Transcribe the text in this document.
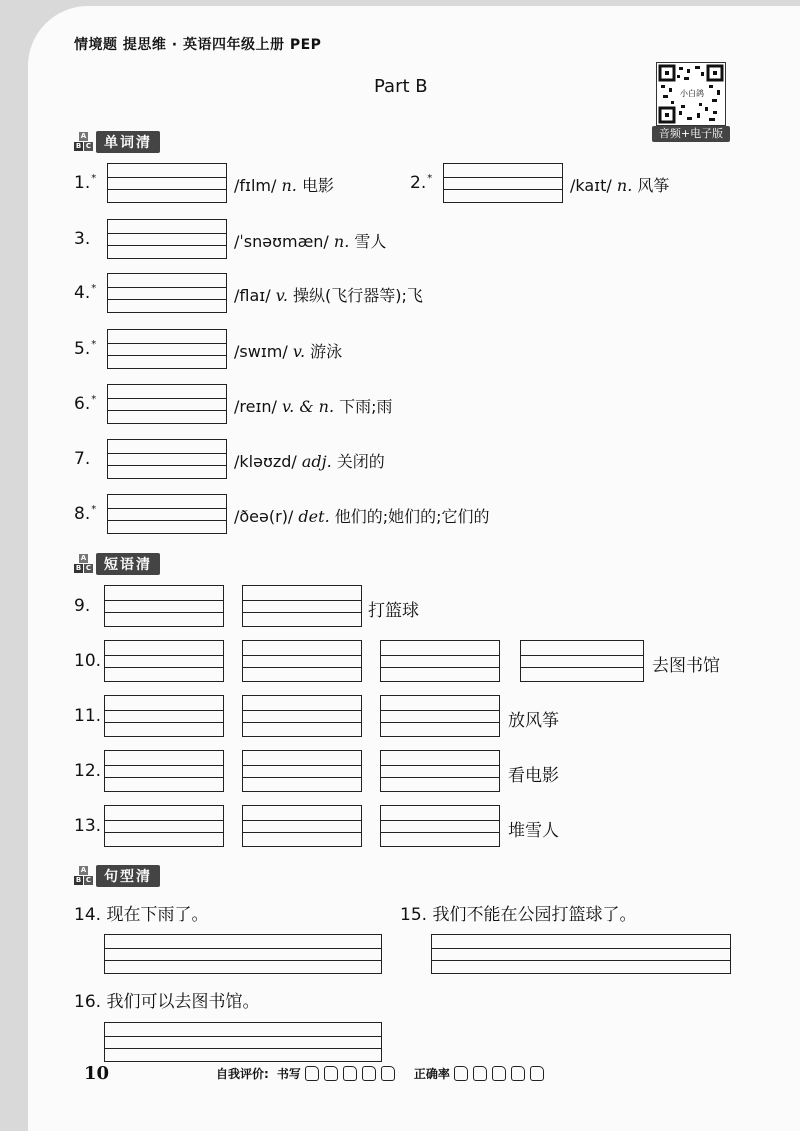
情境题 提思维 · 英语四年级上册 PEP
Part B	小白鸽
音频+电子版
A
B C 单词清
1.*	/fɪlm/ n. 电影	2.*	/kaɪt/ n. 风筝
3.	/ˈsnəʊmæn/ n. 雪人
4.*	/flaɪ/ v. 操纵(飞行器等);飞
5.*	/swɪm/ v. 游泳
6.*	/reɪn/ v. & n. 下雨;雨
7.	/kləʊzd/ adj. 关闭的
8.*	/ðeə(r)/ det. 他们的;她们的;它们的
A
B C 短语清
9.	打篮球
10.	去图书馆
11.	放风筝
12.	看电影
13.	堆雪人
A
B C 句型清
14. 现在下雨了。	15. 我们不能在公园打篮球了。
16. 我们可以去图书馆。
10	自我评价: 书写	正确率
